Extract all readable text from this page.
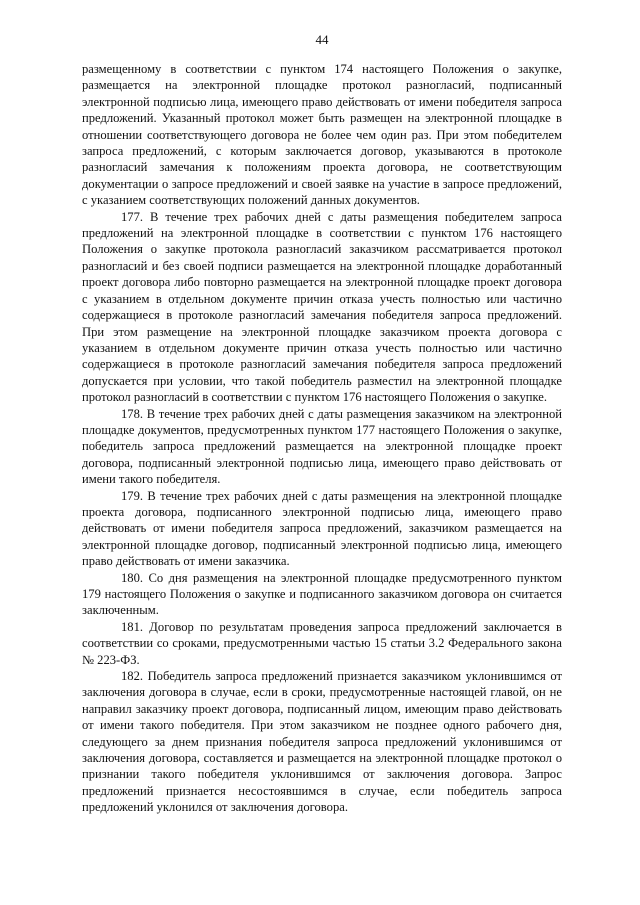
44

размещенному в соответствии с пунктом 174 настоящего Положения о закупке, размещается на электронной площадке протокол разногласий, подписанный электронной подписью лица, имеющего право действовать от имени победителя запроса предложений. Указанный протокол может быть размещен на электронной площадке в отношении соответствующего договора не более чем один раз. При этом победителем запроса предложений, с которым заключается договор, указываются в протоколе разногласий замечания к положениям проекта договора, не соответствующим документации о запросе предложений и своей заявке на участие в запросе предложений, с указанием соответствующих положений данных документов.

177. В течение трех рабочих дней с даты размещения победителем запроса предложений на электронной площадке в соответствии с пунктом 176 настоящего Положения о закупке протокола разногласий заказчиком рассматривается протокол разногласий и без своей подписи размещается на электронной площадке доработанный проект договора либо повторно размещается на электронной площадке проект договора с указанием в отдельном документе причин отказа учесть полностью или частично содержащиеся в протоколе разногласий замечания победителя запроса предложений. При этом размещение на электронной площадке заказчиком проекта договора с указанием в отдельном документе причин отказа учесть полностью или частично содержащиеся в протоколе разногласий замечания победителя запроса предложений допускается при условии, что такой победитель разместил на электронной площадке протокол разногласий в соответствии с пунктом 176 настоящего Положения о закупке.

178. В течение трех рабочих дней с даты размещения заказчиком на электронной площадке документов, предусмотренных пунктом 177 настоящего Положения о закупке, победитель запроса предложений размещается на электронной площадке проект договора, подписанный электронной подписью лица, имеющего право действовать от имени такого победителя.

179. В течение трех рабочих дней с даты размещения на электронной площадке проекта договора, подписанного электронной подписью лица, имеющего право действовать от имени победителя запроса предложений, заказчиком размещается на электронной площадке договор, подписанный электронной подписью лица, имеющего право действовать от имени заказчика.

180. Со дня размещения на электронной площадке предусмотренного пунктом 179 настоящего Положения о закупке и подписанного заказчиком договора он считается заключенным.

181. Договор по результатам проведения запроса предложений заключается в соответствии со сроками, предусмотренными частью 15 статьи 3.2 Федерального закона № 223-ФЗ.

182. Победитель запроса предложений признается заказчиком уклонившимся от заключения договора в случае, если в сроки, предусмотренные настоящей главой, он не направил заказчику проект договора, подписанный лицом, имеющим право действовать от имени такого победителя. При этом заказчиком не позднее одного рабочего дня, следующего за днем признания победителя запроса предложений уклонившимся от заключения договора, составляется и размещается на электронной площадке протокол о признании такого победителя уклонившимся от заключения договора. Запрос предложений признается несостоявшимся в случае, если победитель запроса предложений уклонился от заключения договора.
